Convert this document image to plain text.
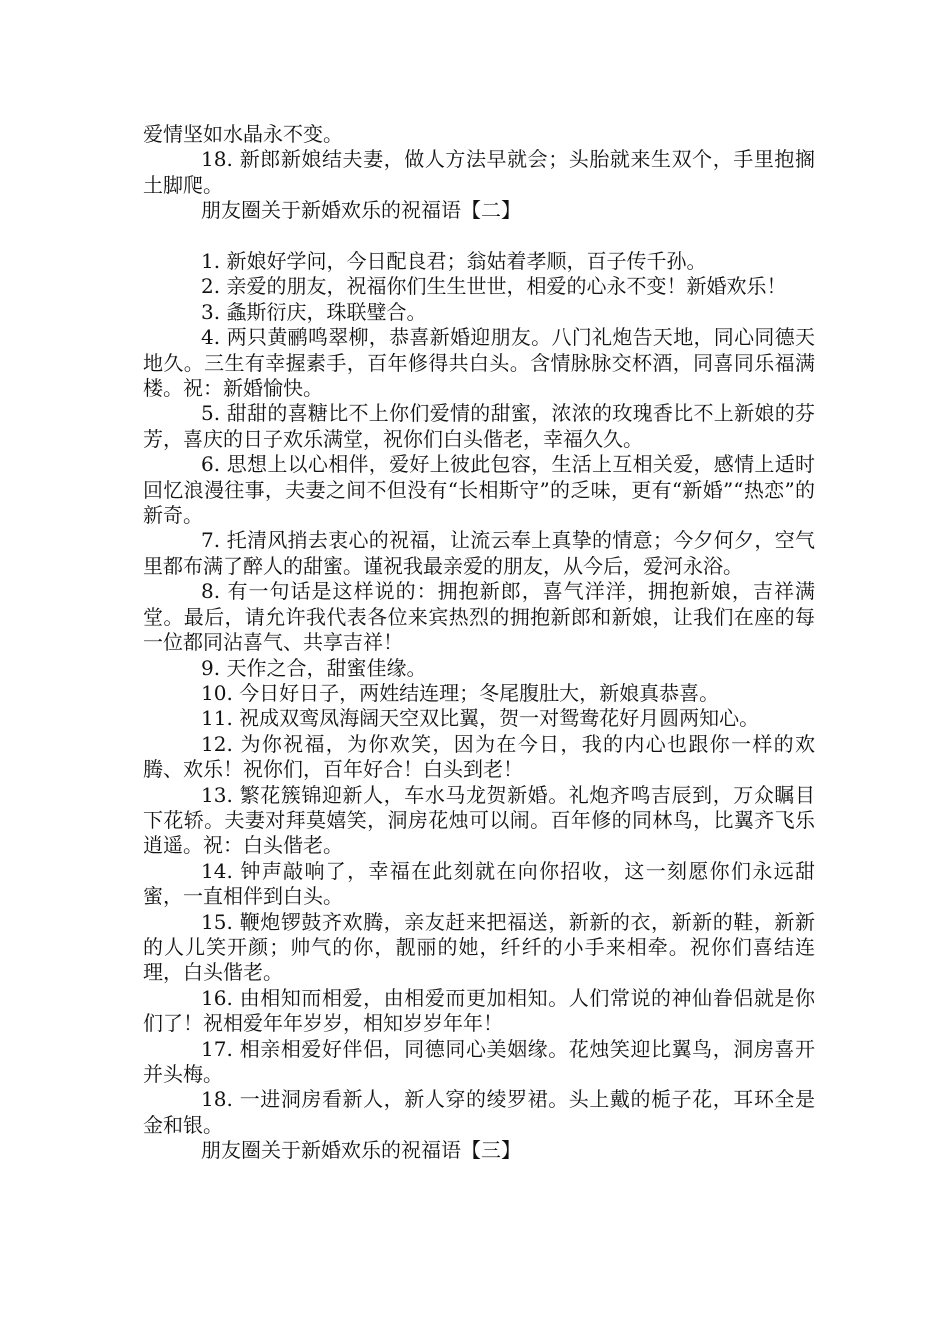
爱情坚如水晶永不变。

18. 新郎新娘结夫妻，做人方法早就会；头胎就来生双个，手里抱搁土脚爬。

朋友圈关于新婚欢乐的祝福语【二】

1. 新娘好学问，今日配良君；翁姑着孝顺，百子传千孙。

2. 亲爱的朋友，祝福你们生生世世，相爱的心永不变！新婚欢乐！

3. 螽斯衍庆，珠联璧合。

4. 两只黄鹂鸣翠柳，恭喜新婚迎朋友。八门礼炮告天地，同心同德天地久。三生有幸握素手，百年修得共白头。含情脉脉交杯酒，同喜同乐福满楼。祝：新婚愉快。

5. 甜甜的喜糖比不上你们爱情的甜蜜，浓浓的玫瑰香比不上新娘的芬芳，喜庆的日子欢乐满堂，祝你们白头偕老，幸福久久。

6. 思想上以心相伴，爱好上彼此包容，生活上互相关爱，感情上适时回忆浪漫往事，夫妻之间不但没有“长相斯守”的乏味，更有“新婚”“热恋”的新奇。

7. 托清风捎去衷心的祝福，让流云奉上真挚的情意；今夕何夕，空气里都布满了醉人的甜蜜。谨祝我最亲爱的朋友，从今后，爱河永浴。

8. 有一句话是这样说的：拥抱新郎，喜气洋洋，拥抱新娘，吉祥满堂。最后，请允许我代表各位来宾热烈的拥抱新郎和新娘，让我们在座的每一位都同沾喜气、共享吉祥！

9. 天作之合，甜蜜佳缘。

10. 今日好日子，两姓结连理；冬尾腹肚大，新娘真恭喜。

11. 祝成双鸾凤海阔天空双比翼，贺一对鸳鸯花好月圆两知心。

12. 为你祝福，为你欢笑，因为在今日，我的内心也跟你一样的欢腾、欢乐！祝你们，百年好合！白头到老！

13. 繁花簇锦迎新人，车水马龙贺新婚。礼炮齐鸣吉辰到，万众瞩目下花轿。夫妻对拜莫嬉笑，洞房花烛可以闹。百年修的同林鸟，比翼齐飞乐逍遥。祝：白头偕老。

14. 钟声敲响了，幸福在此刻就在向你招收，这一刻愿你们永远甜蜜，一直相伴到白头。

15. 鞭炮锣鼓齐欢腾，亲友赶来把福送，新新的衣，新新的鞋，新新的人儿笑开颜；帅气的你，靓丽的她，纤纤的小手来相牵。祝你们喜结连理，白头偕老。

16. 由相知而相爱，由相爱而更加相知。人们常说的神仙眷侣就是你们了！祝相爱年年岁岁，相知岁岁年年！

17. 相亲相爱好伴侣，同德同心美姻缘。花烛笑迎比翼鸟，洞房喜开并头梅。

18. 一进洞房看新人，新人穿的绫罗裙。头上戴的栀子花，耳环全是金和银。

朋友圈关于新婚欢乐的祝福语【三】
